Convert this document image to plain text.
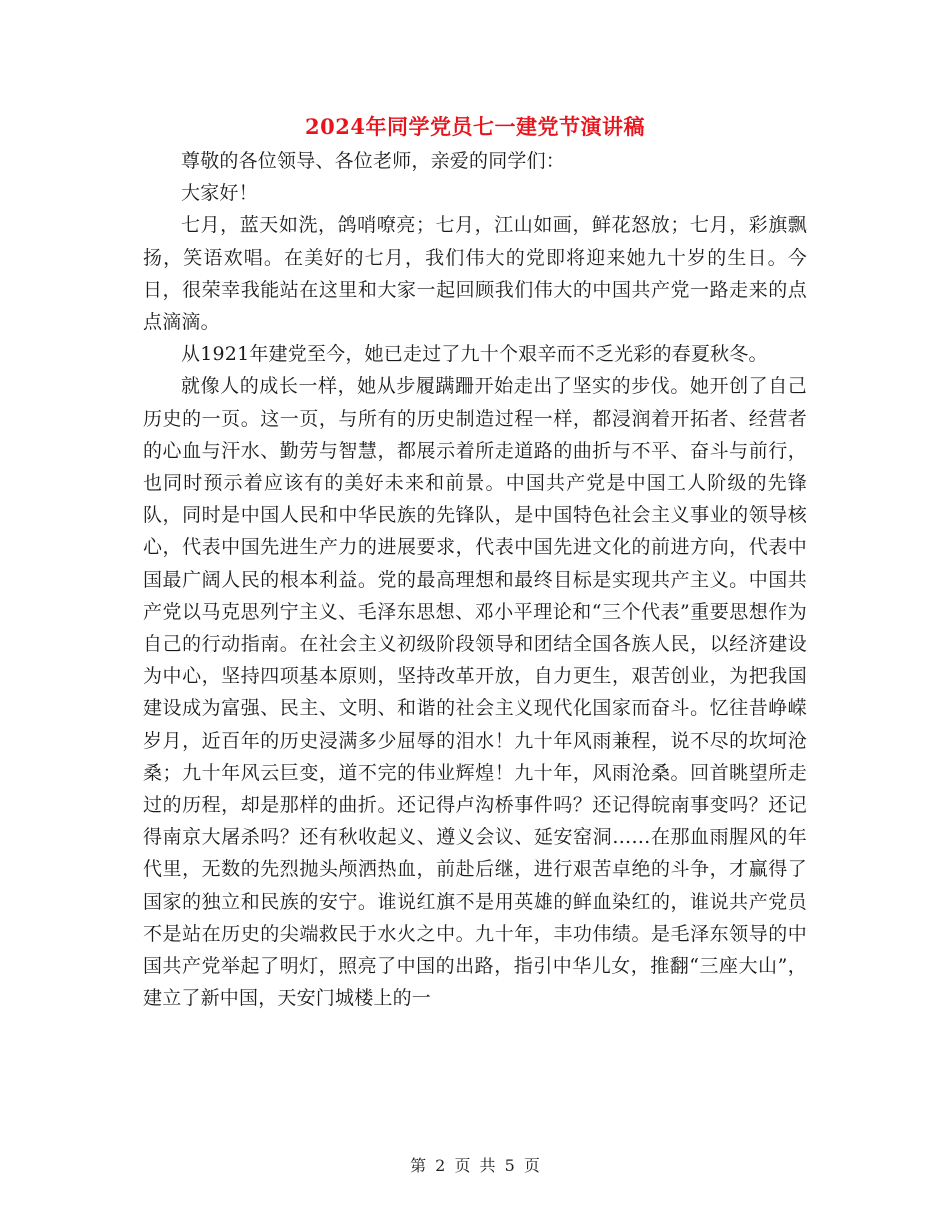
2024年同学党员七一建党节演讲稿

尊敬的各位领导、各位老师，亲爱的同学们：

大家好！

七月，蓝天如洗，鸽哨嘹亮；七月，江山如画，鲜花怒放；七月，彩旗飘扬，笑语欢唱。在美好的七月，我们伟大的党即将迎来她九十岁的生日。今日，很荣幸我能站在这里和大家一起回顾我们伟大的中国共产党一路走来的点点滴滴。

从1921年建党至今，她已走过了九十个艰辛而不乏光彩的春夏秋冬。

就像人的成长一样，她从步履蹒跚开始走出了坚实的步伐。她开创了自己历史的一页。这一页，与所有的历史制造过程一样，都浸润着开拓者、经营者的心血与汗水、勤劳与智慧，都展示着所走道路的曲折与不平、奋斗与前行，也同时预示着应该有的美好未来和前景。中国共产党是中国工人阶级的先锋队，同时是中国人民和中华民族的先锋队，是中国特色社会主义事业的领导核心，代表中国先进生产力的进展要求，代表中国先进文化的前进方向，代表中国最广阔人民的根本利益。党的最高理想和最终目标是实现共产主义。中国共产党以马克思列宁主义、毛泽东思想、邓小平理论和“三个代表”重要思想作为自己的行动指南。在社会主义初级阶段领导和团结全国各族人民，以经济建设为中心，坚持四项基本原则，坚持改革开放，自力更生，艰苦创业，为把我国建设成为富强、民主、文明、和谐的社会主义现代化国家而奋斗。忆往昔峥嵘岁月，近百年的历史浸满多少屈辱的泪水！九十年风雨兼程，说不尽的坎坷沧桑；九十年风云巨变，道不完的伟业辉煌！九十年，风雨沧桑。回首眺望所走过的历程，却是那样的曲折。还记得卢沟桥事件吗？还记得皖南事变吗？还记得南京大屠杀吗？还有秋收起义、遵义会议、延安窑洞……在那血雨腥风的年代里，无数的先烈抛头颅洒热血，前赴后继，进行艰苦卓绝的斗争，才赢得了国家的独立和民族的安宁。谁说红旗不是用英雄的鲜血染红的，谁说共产党员不是站在历史的尖端救民于水火之中。九十年，丰功伟绩。是毛泽东领导的中国共产党举起了明灯，照亮了中国的出路，指引中华儿女，推翻“三座大山”，建立了新中国，天安门城楼上的一

第 2 页 共 5 页
